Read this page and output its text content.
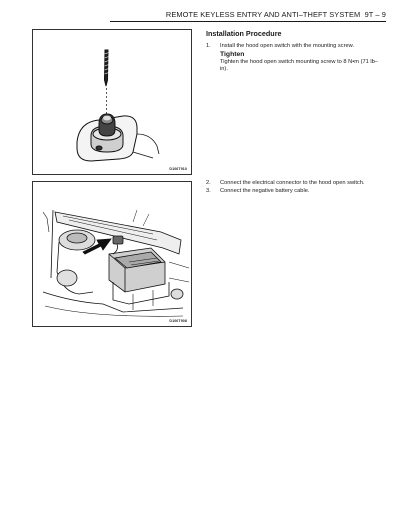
REMOTE KEYLESS ENTRY AND ANTI–THEFT SYSTEM 9T – 9
D106T910
D106T908
Installation Procedure
1. Install the hood open switch with the mounting screw.
Tighten
Tighten the hood open switch mounting screw to 8 N•m (71 lb–in).
2. Connect the electrical connector to the hood open switch.
3. Connect the negative battery cable.
